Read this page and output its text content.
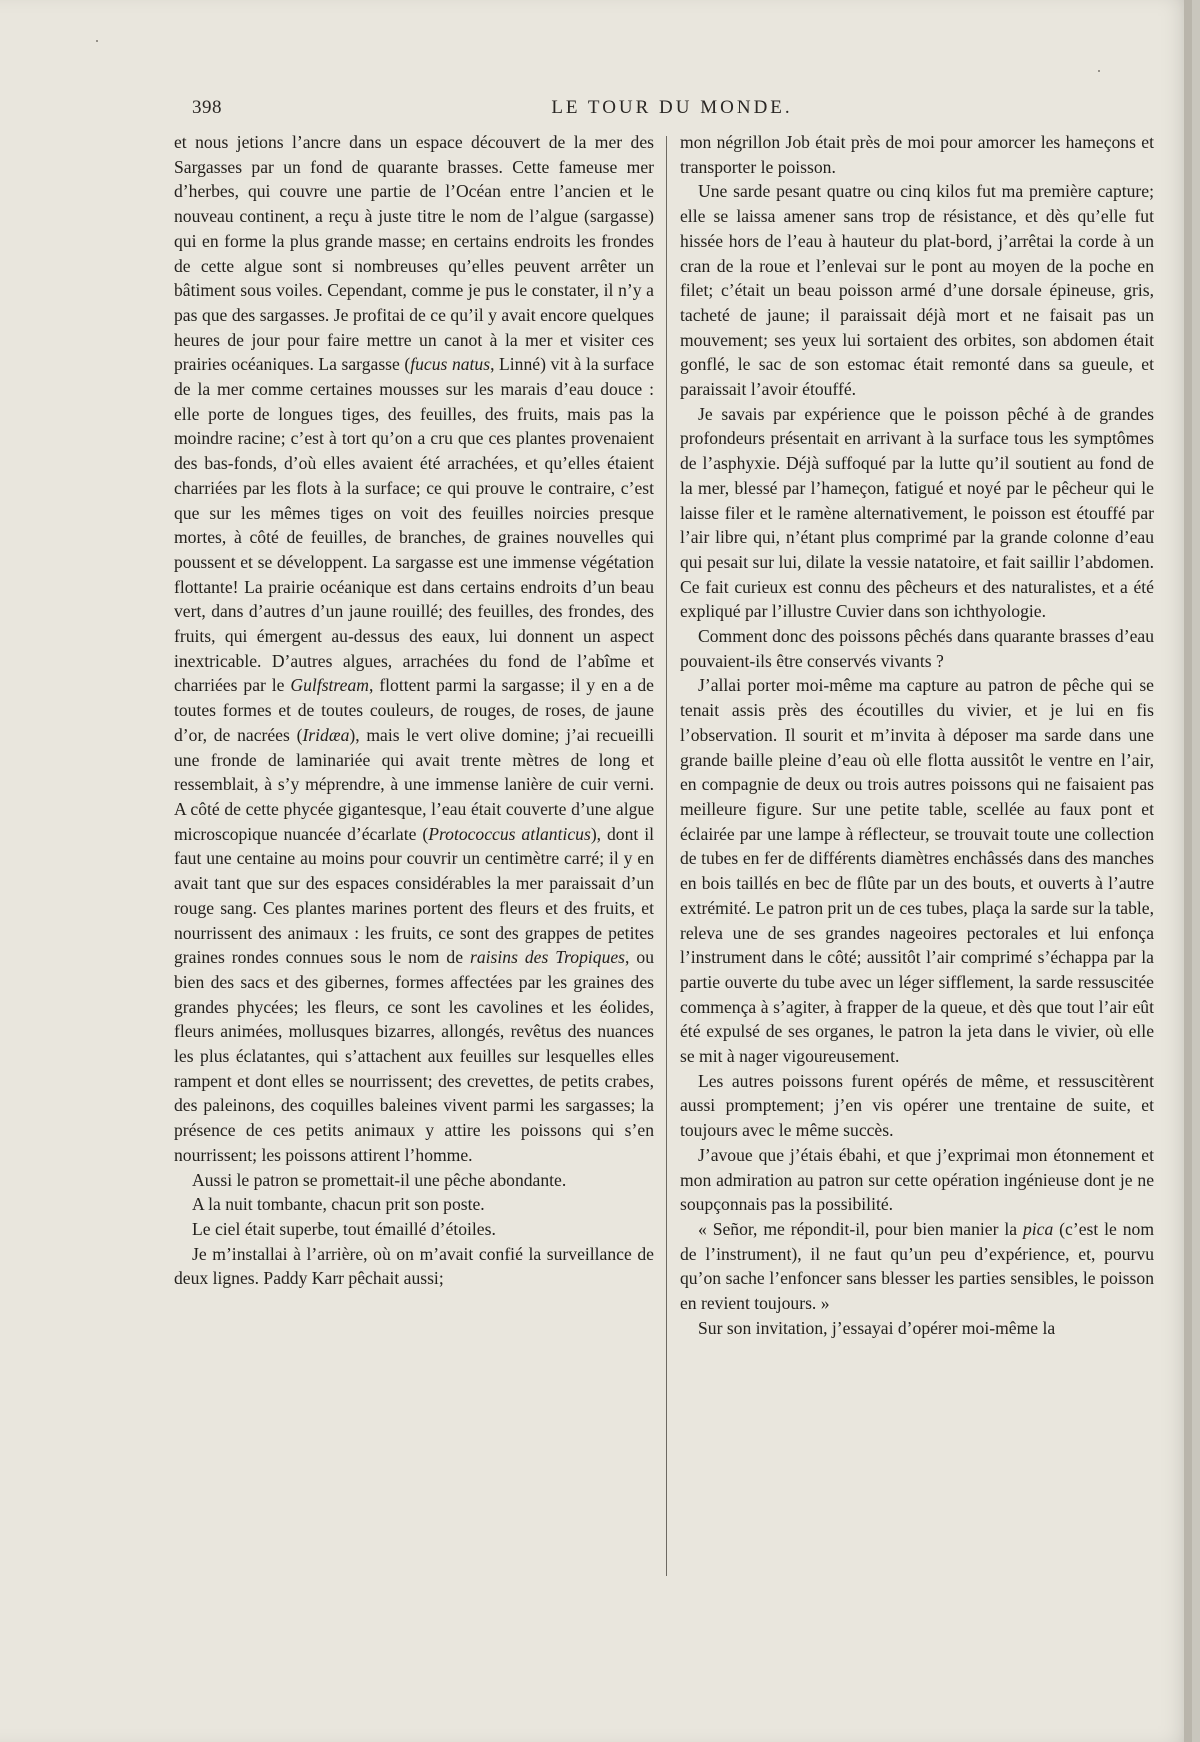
398	LE TOUR DU MONDE.

et nous jetions l’ancre dans un espace découvert de la mer des Sargasses par un fond de quarante brasses. Cette fameuse mer d’herbes, qui couvre une partie de l’Océan entre l’ancien et le nouveau continent, a reçu à juste titre le nom de l’algue (sargasse) qui en forme la plus grande masse; en certains endroits les frondes de cette algue sont si nombreuses qu’elles peuvent arrêter un bâtiment sous voiles. Cependant, comme je pus le constater, il n’y a pas que des sargasses. Je profitai de ce qu’il y avait encore quelques heures de jour pour faire mettre un canot à la mer et visiter ces prairies océaniques. La sargasse (fucus natus, Linné) vit à la surface de la mer comme certaines mousses sur les marais d’eau douce : elle porte de longues tiges, des feuilles, des fruits, mais pas la moindre racine; c’est à tort qu’on a cru que ces plantes provenaient des bas-fonds, d’où elles avaient été arrachées, et qu’elles étaient charriées par les flots à la surface; ce qui prouve le contraire, c’est que sur les mêmes tiges on voit des feuilles noircies presque mortes, à côté de feuilles, de branches, de graines nouvelles qui poussent et se développent. La sargasse est une immense végétation flottante! La prairie océanique est dans certains endroits d’un beau vert, dans d’autres d’un jaune rouillé; des feuilles, des frondes, des fruits, qui émergent au-dessus des eaux, lui donnent un aspect inextricable. D’autres algues, arrachées du fond de l’abîme et charriées par le Gulfstream, flottent parmi la sargasse; il y en a de toutes formes et de toutes couleurs, de rouges, de roses, de jaune d’or, de nacrées (Iridæa), mais le vert olive domine; j’ai recueilli une fronde de laminariée qui avait trente mètres de long et ressemblait, à s’y méprendre, à une immense lanière de cuir verni. A côté de cette phycée gigantesque, l’eau était couverte d’une algue microscopique nuancée d’écarlate (Protococcus atlanticus), dont il faut une centaine au moins pour couvrir un centimètre carré; il y en avait tant que sur des espaces considérables la mer paraissait d’un rouge sang. Ces plantes marines portent des fleurs et des fruits, et nourrissent des animaux : les fruits, ce sont des grappes de petites graines rondes connues sous le nom de raisins des Tropiques, ou bien des sacs et des gibernes, formes affectées par les graines des grandes phycées; les fleurs, ce sont les cavolines et les éolides, fleurs animées, mollusques bizarres, allongés, revêtus des nuances les plus éclatantes, qui s’attachent aux feuilles sur lesquelles elles rampent et dont elles se nourrissent; des crevettes, de petits crabes, des paleinons, des coquilles baleines vivent parmi les sargasses; la présence de ces petits animaux y attire les poissons qui s’en nourrissent; les poissons attirent l’homme.

Aussi le patron se promettait-il une pêche abondante.

A la nuit tombante, chacun prit son poste.

Le ciel était superbe, tout émaillé d’étoiles.

Je m’installai à l’arrière, où on m’avait confié la surveillance de deux lignes. Paddy Karr pêchait aussi;

mon négrillon Job était près de moi pour amorcer les hameçons et transporter le poisson.

Une sarde pesant quatre ou cinq kilos fut ma première capture; elle se laissa amener sans trop de résistance, et dès qu’elle fut hissée hors de l’eau à hauteur du plat-bord, j’arrêtai la corde à un cran de la roue et l’enlevai sur le pont au moyen de la poche en filet; c’était un beau poisson armé d’une dorsale épineuse, gris, tacheté de jaune; il paraissait déjà mort et ne faisait pas un mouvement; ses yeux lui sortaient des orbites, son abdomen était gonflé, le sac de son estomac était remonté dans sa gueule, et paraissait l’avoir étouffé.

Je savais par expérience que le poisson pêché à de grandes profondeurs présentait en arrivant à la surface tous les symptômes de l’asphyxie. Déjà suffoqué par la lutte qu’il soutient au fond de la mer, blessé par l’hameçon, fatigué et noyé par le pêcheur qui le laisse filer et le ramène alternativement, le poisson est étouffé par l’air libre qui, n’étant plus comprimé par la grande colonne d’eau qui pesait sur lui, dilate la vessie natatoire, et fait saillir l’abdomen. Ce fait curieux est connu des pêcheurs et des naturalistes, et a été expliqué par l’illustre Cuvier dans son ichthyologie.

Comment donc des poissons pêchés dans quarante brasses d’eau pouvaient-ils être conservés vivants ?

J’allai porter moi-même ma capture au patron de pêche qui se tenait assis près des écoutilles du vivier, et je lui en fis l’observation. Il sourit et m’invita à déposer ma sarde dans une grande baille pleine d’eau où elle flotta aussitôt le ventre en l’air, en compagnie de deux ou trois autres poissons qui ne faisaient pas meilleure figure. Sur une petite table, scellée au faux pont et éclairée par une lampe à réflecteur, se trouvait toute une collection de tubes en fer de différents diamètres enchâssés dans des manches en bois taillés en bec de flûte par un des bouts, et ouverts à l’autre extrémité. Le patron prit un de ces tubes, plaça la sarde sur la table, releva une de ses grandes nageoires pectorales et lui enfonça l’instrument dans le côté; aussitôt l’air comprimé s’échappa par la partie ouverte du tube avec un léger sifflement, la sarde ressuscitée commença à s’agiter, à frapper de la queue, et dès que tout l’air eût été expulsé de ses organes, le patron la jeta dans le vivier, où elle se mit à nager vigoureusement.

Les autres poissons furent opérés de même, et ressuscitèrent aussi promptement; j’en vis opérer une trentaine de suite, et toujours avec le même succès.

J’avoue que j’étais ébahi, et que j’exprimai mon étonnement et mon admiration au patron sur cette opération ingénieuse dont je ne soupçonnais pas la possibilité.

« Señor, me répondit-il, pour bien manier la pica (c’est le nom de l’instrument), il ne faut qu’un peu d’expérience, et, pourvu qu’on sache l’enfoncer sans blesser les parties sensibles, le poisson en revient toujours. »

Sur son invitation, j’essayai d’opérer moi-même la
